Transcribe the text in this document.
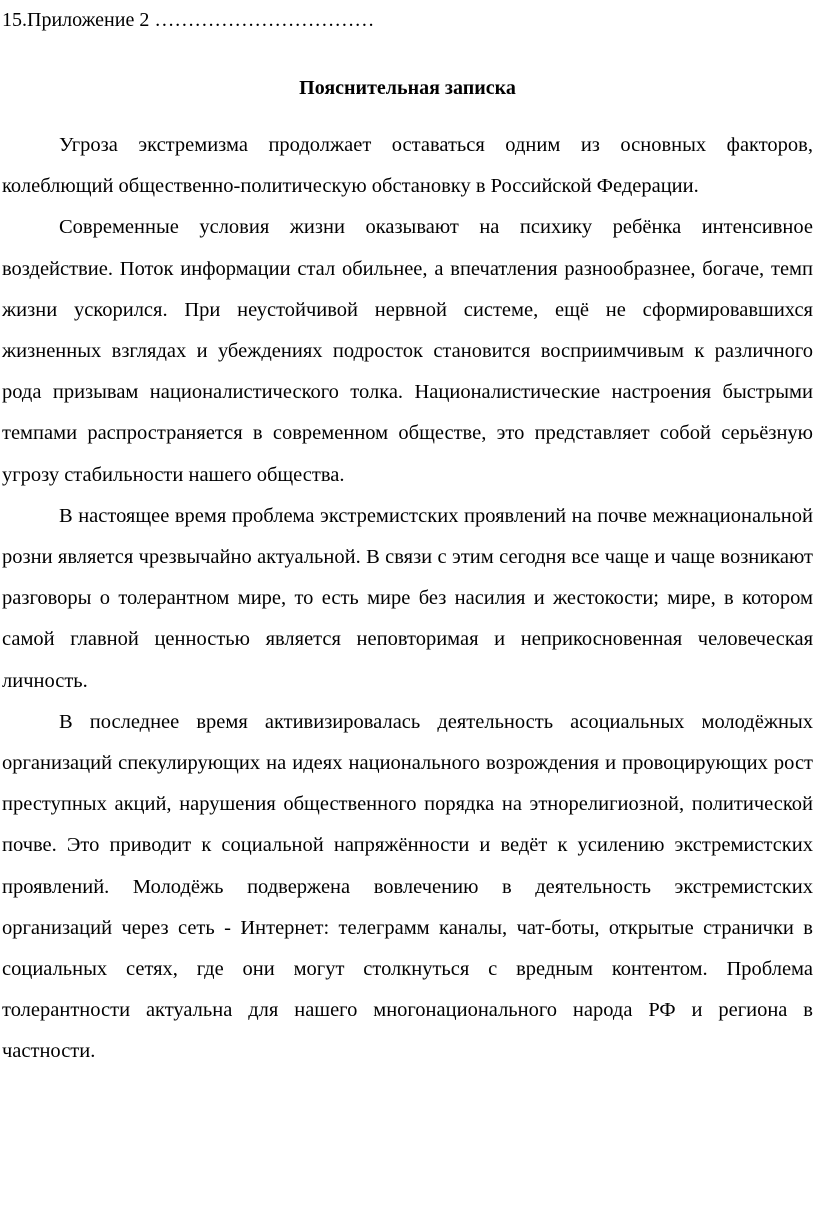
15.Приложение 2 ……………………………

Пояснительная записка

Угроза экстремизма продолжает оставаться одним из основных факторов, колеблющий общественно-политическую обстановку в Российской Федерации.

Современные условия жизни оказывают на психику ребёнка интенсивное воздействие. Поток информации стал обильнее, а впечатления разнообразнее, богаче, темп жизни ускорился. При неустойчивой нервной системе, ещё не сформировавшихся жизненных взглядах и убеждениях подросток становится восприимчивым к различного рода призывам националистического толка. Националистические настроения быстрыми темпами распространяется в современном обществе, это представляет собой серьёзную угрозу стабильности нашего общества.

В настоящее время проблема экстремистских проявлений на почве межнациональной розни является чрезвычайно актуальной. В связи с этим сегодня все чаще и чаще возникают разговоры о толерантном мире, то есть мире без насилия и жестокости; мире, в котором самой главной ценностью является неповторимая и неприкосновенная человеческая личность.

В последнее время активизировалась деятельность асоциальных молодёжных организаций спекулирующих на идеях национального возрождения и провоцирующих рост преступных акций, нарушения общественного порядка на этнорелигиозной, политической почве. Это приводит к социальной напряжённости и ведёт к усилению экстремистских проявлений. Молодёжь подвержена вовлечению в деятельность экстремистских организаций через сеть - Интернет: телеграмм каналы, чат-боты, открытые странички в социальных сетях, где они могут столкнуться с вредным контентом. Проблема толерантности актуальна для нашего многонационального народа РФ и региона в частности.
